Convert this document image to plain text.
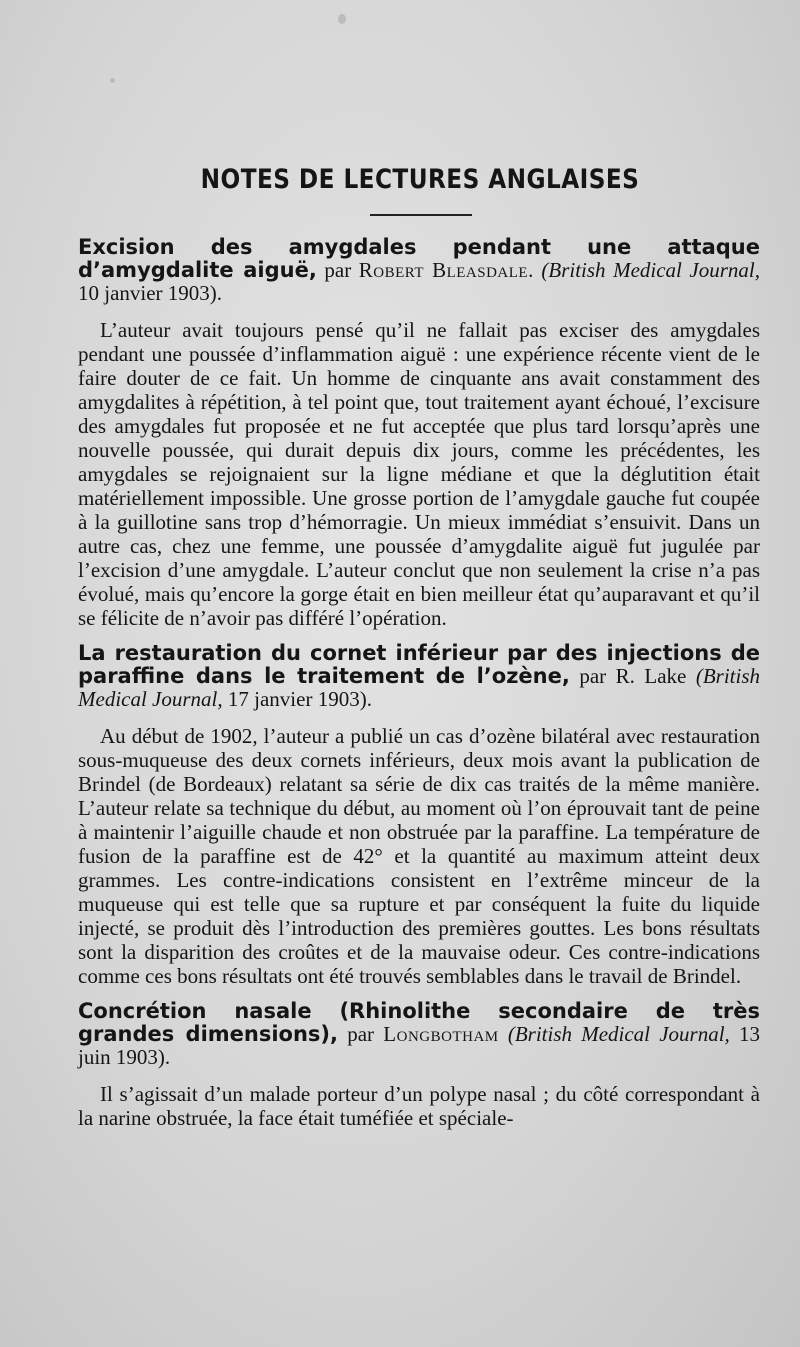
NOTES DE LECTURES ANGLAISES

Excision des amygdales pendant une attaque d’amygdalite aiguë, par Robert Bleasdale. (British Medical Journal, 10 janvier 1903).

L’auteur avait toujours pensé qu’il ne fallait pas exciser des amygdales pendant une poussée d’inflammation aiguë : une expérience récente vient de le faire douter de ce fait. Un homme de cinquante ans avait constamment des amygdalites à répétition, à tel point que, tout traitement ayant échoué, l’excisure des amygdales fut proposée et ne fut acceptée que plus tard lorsqu’après une nouvelle poussée, qui durait depuis dix jours, comme les précédentes, les amygdales se rejoignaient sur la ligne médiane et que la déglutition était matériellement impossible. Une grosse portion de l’amygdale gauche fut coupée à la guillotine sans trop d’hémorragie. Un mieux immédiat s’ensuivit. Dans un autre cas, chez une femme, une poussée d’amygdalite aiguë fut jugulée par l’excision d’une amygdale. L’auteur conclut que non seulement la crise n’a pas évolué, mais qu’encore la gorge était en bien meilleur état qu’auparavant et qu’il se félicite de n’avoir pas différé l’opération.

La restauration du cornet inférieur par des injections de paraffine dans le traitement de l’ozène, par R. Lake (British Medical Journal, 17 janvier 1903).

Au début de 1902, l’auteur a publié un cas d’ozène bilatéral avec restauration sous-muqueuse des deux cornets inférieurs, deux mois avant la publication de Brindel (de Bordeaux) relatant sa série de dix cas traités de la même manière. L’auteur relate sa technique du début, au moment où l’on éprouvait tant de peine à maintenir l’aiguille chaude et non obstruée par la paraffine. La température de fusion de la paraffine est de 42° et la quantité au maximum atteint deux grammes. Les contre-indications consistent en l’extrême minceur de la muqueuse qui est telle que sa rupture et par conséquent la fuite du liquide injecté, se produit dès l’introduction des premières gouttes. Les bons résultats sont la disparition des croûtes et de la mauvaise odeur. Ces contre-indications comme ces bons résultats ont été trouvés semblables dans le travail de Brindel.

Concrétion nasale (Rhinolithe secondaire de très grandes dimensions), par Longbotham (British Medical Journal, 13 juin 1903).

Il s’agissait d’un malade porteur d’un polype nasal ; du côté correspondant à la narine obstruée, la face était tuméfiée et spéciale-
